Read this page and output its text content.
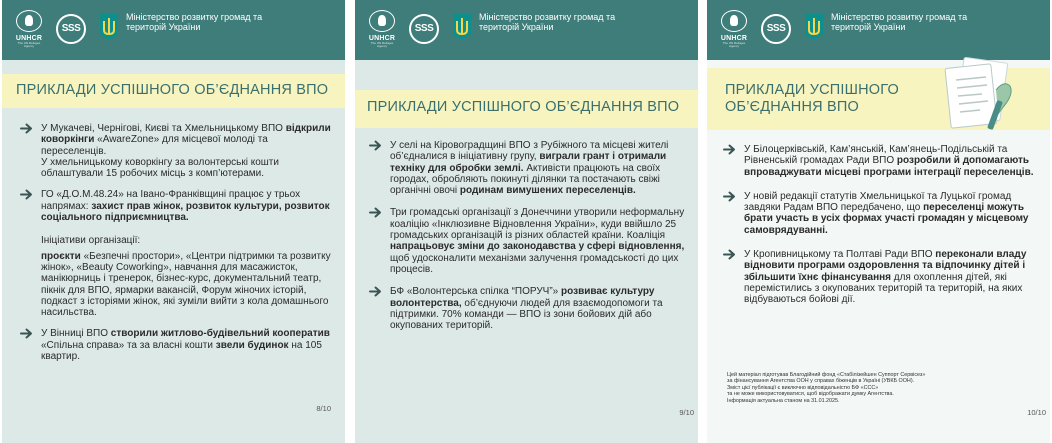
UNHCR
The UN Refugee Agency
SSS
Міністерство розвитку громад та територій України
ПРИКЛАДИ УСПІШНОГО ОБ’ЄДНАННЯ ВПО
У Мукачеві, Чернігові, Києві та Хмельницькому ВПО відкрили коворкінги «AwareZone» для місцевої молоді та переселенців.
У хмельницькому коворкінгу за волонтерські кошти облаштували 15 робочих місць з комп’ютерами.
ГО «Д.О.М.48.24» на Івано-Франківщині працює у трьох напрямах: захист прав жінок, розвиток культури, розвиток соціального підприємництва.
Ініціативи організації:
проєкти «Безпечні простори», «Центри підтримки та розвитку жінок», «Beauty Coworking», навчання для масажисток, манікюрниць і тренерок, бізнес-курс, документальний театр, пікнік для ВПО, ярмарки вакансій, Форум жіночих історій, подкаст з історіями жінок, які зуміли вийти з кола домашнього насильства.
У Вінниці ВПО створили житлово-будівельний кооператив «Спільна справа» та за власні кошти звели будинок на 105 квартир.
8/10
UNHCR
The UN Refugee Agency
SSS
Міністерство розвитку громад та територій України
ПРИКЛАДИ УСПІШНОГО ОБ’ЄДНАННЯ ВПО
У селі на Кіровоградщині ВПО з Рубіжного та місцеві жителі об’єдналися в ініціативну групу, виграли грант і отримали техніку для обробки землі. Активісти працюють на своїх городах, обробляють покинуті ділянки та постачають свіжі органічні овочі родинам вимушених переселенців.
Три громадські організації з Донеччини утворили неформальну коаліцію «Інклюзивне Відновлення України», куди ввійшло 25 громадських організацій із різних областей країни. Коаліція напрацьовує зміни до законодавства у сфері відновлення, щоб удосконалити механізми залучення громадськості до цих процесів.
БФ «Волонтерська спілка “ПОРУЧ”» розвиває культуру волонтерства, об’єднуючи людей для взаємодопомоги та підтримки. 70% команди — ВПО із зони бойових дій або окупованих територій.
9/10
UNHCR
The UN Refugee Agency
SSS
Міністерство розвитку громад та територій України
ПРИКЛАДИ УСПІШНОГО ОБ’ЄДНАННЯ ВПО
У Білоцерківській, Кам’янській, Кам’янець-Подільській та Рівненській громадах Ради ВПО розробили й допомагають впроваджувати місцеві програми інтеграції переселенців.
У новій редакції статутів Хмельницької та Луцької громад завдяки Радам ВПО передбачено, що переселенці можуть брати участь в усіх формах участі громадян у місцевому самоврядуванні.
У Кропивницькому та Полтаві Ради ВПО переконали владу відновити програми оздоровлення та відпочинку дітей і збільшити їхнє фінансування для охоплення дітей, які перемістились з окупованих територій та територій, на яких відбуваються бойові дії.
Цей матеріал підготував Благодійний фонд «Стабілізейшен Суппорт Сервісез»
за фінансування Агентства ООН у справах біженців в Україні (УВКБ ООН).
Зміст цієї публікації є виключно відповідальністю БФ «ССС»
та не може використовуватися, щоб відображати думку Агентства.
Інформація актуальна станом на 31.01.2025.
10/10
